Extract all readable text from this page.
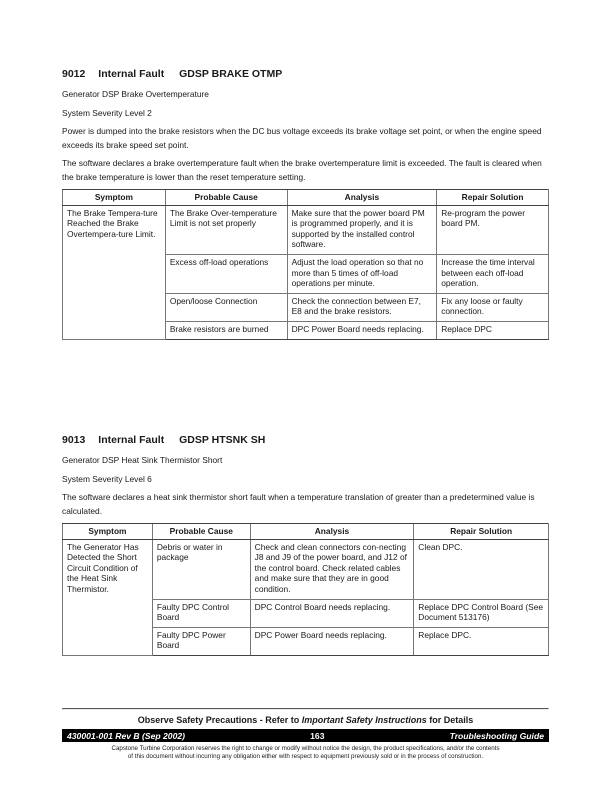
9012 Internal Fault GDSP BRAKE OTMP

Generator DSP Brake Overtemperature

System Severity Level 2

Power is dumped into the brake resistors when the DC bus voltage exceeds its brake voltage set point, or when the engine speed exceeds its brake speed set point.

The software declares a brake overtemperature fault when the brake overtemperature limit is exceeded. The fault is cleared when the brake temperature is lower than the reset temperature setting.

Symptom	Probable Cause	Analysis	Repair Solution
The Brake Tempera-ture Reached the Brake Overtempera-ture Limit.	The Brake Over-temperature Limit is not set properly	Make sure that the power board PM is programmed properly, and it is supported by the installed control software.	Re-program the power board PM.
	Excess off-load operations	Adjust the load operation so that no more than 5 times of off-load operations per minute.	Increase the time interval between each off-load operation.
	Open/loose Connection	Check the connection between E7, E8 and the brake resistors.	Fix any loose or faulty connection.
	Brake resistors are burned	DPC Power Board needs replacing.	Replace DPC
9013 Internal Fault GDSP HTSNK SH

Generator DSP Heat Sink Thermistor Short

System Severity Level 6

The software declares a heat sink thermistor short fault when a temperature translation of greater than a predetermined value is calculated.

Symptom	Probable Cause	Analysis	Repair Solution
The Generator Has Detected the Short Circuit Condition of the Heat Sink Thermistor.	Debris or water in package	Check and clean connectors con-necting J8 and J9 of the power board, and J12 of the control board. Check related cables and make sure that they are in good condition.	Clean DPC.
	Faulty DPC Control Board	DPC Control Board needs replacing.	Replace DPC Control Board (See Document 513176)
	Faulty DPC Power Board	DPC Power Board needs replacing.	Replace DPC.
Observe Safety Precautions - Refer to Important Safety Instructions for Details
430001-001 Rev B (Sep 2002)	163	Troubleshooting Guide
Capstone Turbine Corporation reserves the right to change or modify without notice the design, the product specifications, and/or the contents
of this document without incurring any obligation either with respect to equipment previously sold or in the process of construction.
